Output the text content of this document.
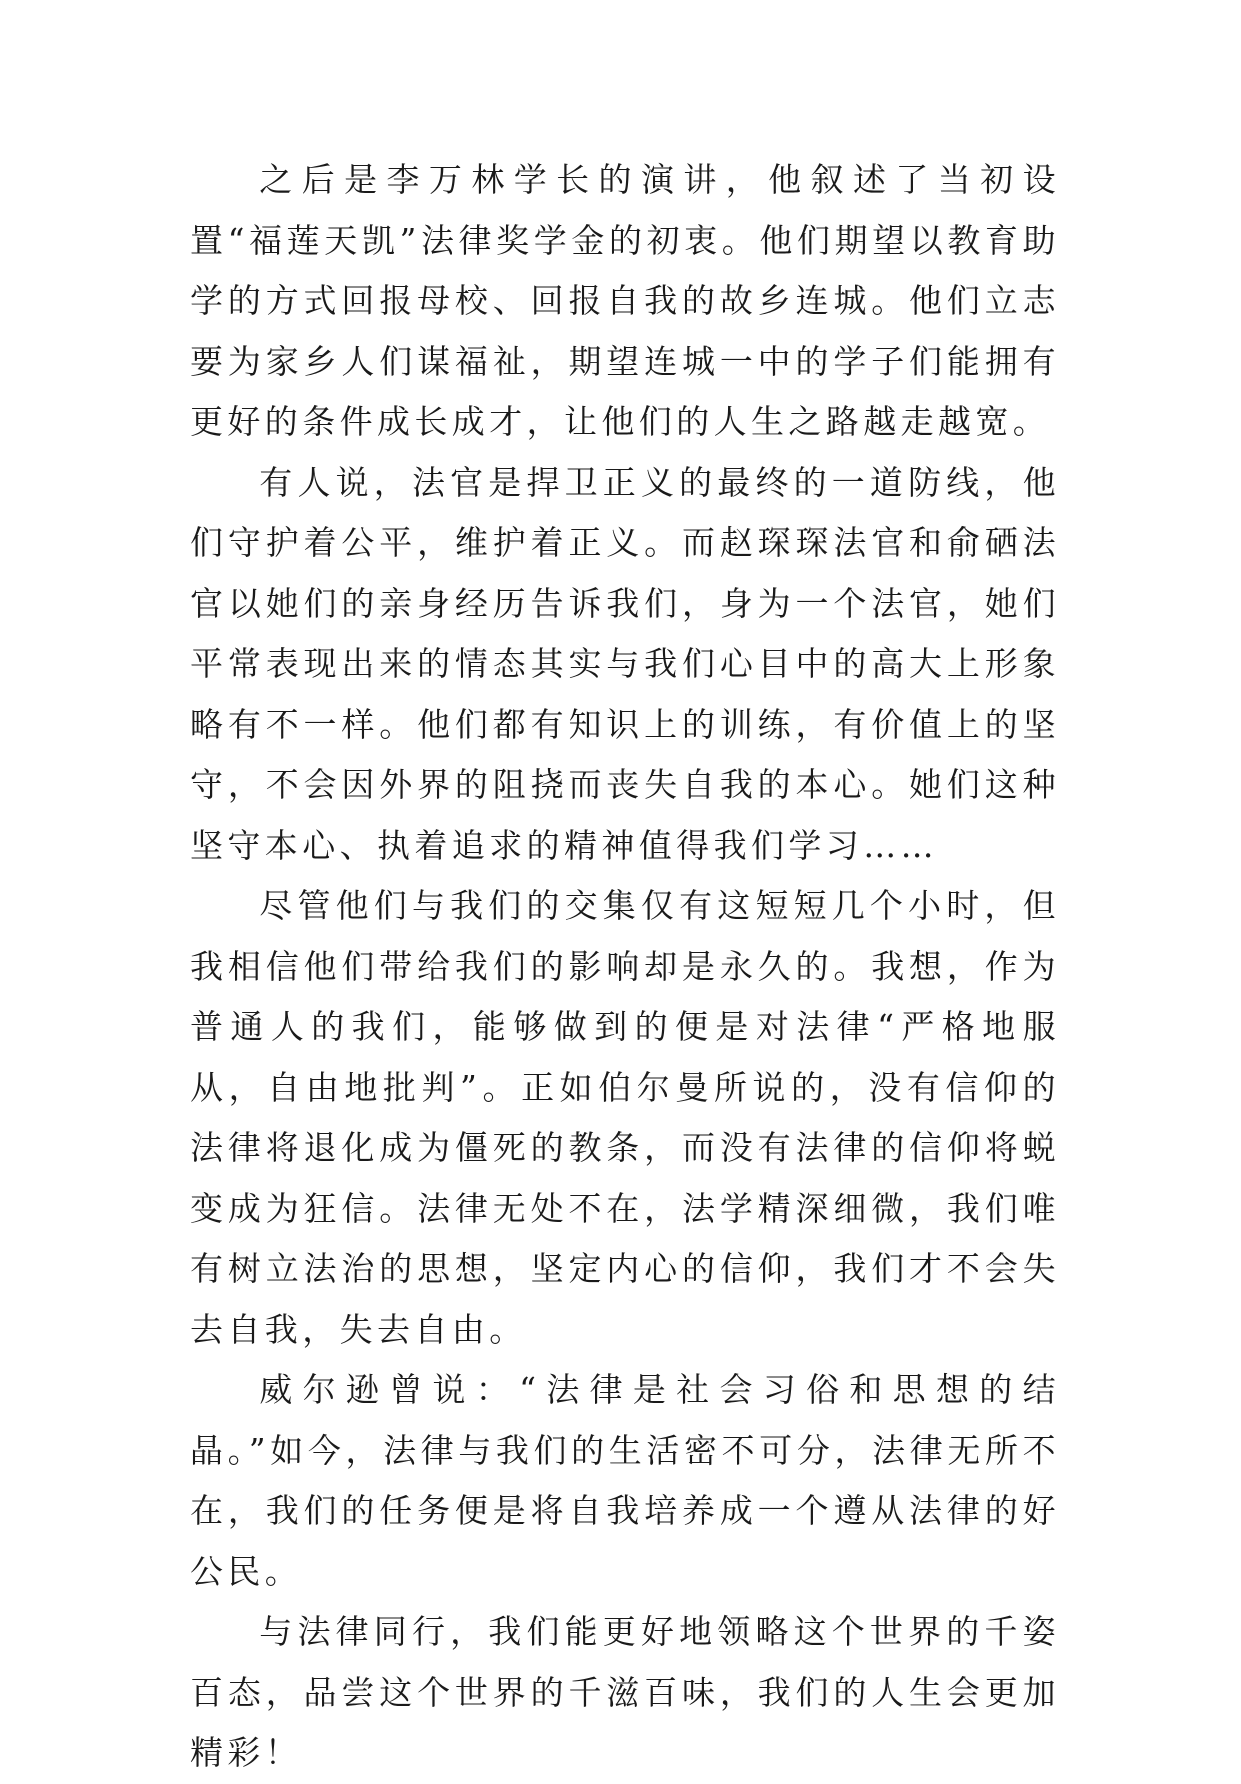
之后是李万林学长的演讲，他叙述了当初设置“福莲天凯”法律奖学金的初衷。他们期望以教育助学的方式回报母校、回报自我的故乡连城。他们立志要为家乡人们谋福祉，期望连城一中的学子们能拥有更好的条件成长成才，让他们的人生之路越走越宽。

有人说，法官是捍卫正义的最终的一道防线，他们守护着公平，维护着正义。而赵琛琛法官和俞硒法官以她们的亲身经历告诉我们，身为一个法官，她们平常表现出来的情态其实与我们心目中的高大上形象略有不一样。他们都有知识上的训练，有价值上的坚守，不会因外界的阻挠而丧失自我的本心。她们这种坚守本心、执着追求的精神值得我们学习……

尽管他们与我们的交集仅有这短短几个小时，但我相信他们带给我们的影响却是永久的。我想，作为普通人的我们，能够做到的便是对法律“严格地服从，自由地批判”。正如伯尔曼所说的，没有信仰的法律将退化成为僵死的教条，而没有法律的信仰将蜕变成为狂信。法律无处不在，法学精深细微，我们唯有树立法治的思想，坚定内心的信仰，我们才不会失去自我，失去自由。

威尔逊曾说：“法律是社会习俗和思想的结晶。”如今，法律与我们的生活密不可分，法律无所不在，我们的任务便是将自我培养成一个遵从法律的好公民。

与法律同行，我们能更好地领略这个世界的千姿百态，品尝这个世界的千滋百味，我们的人生会更加精彩！
